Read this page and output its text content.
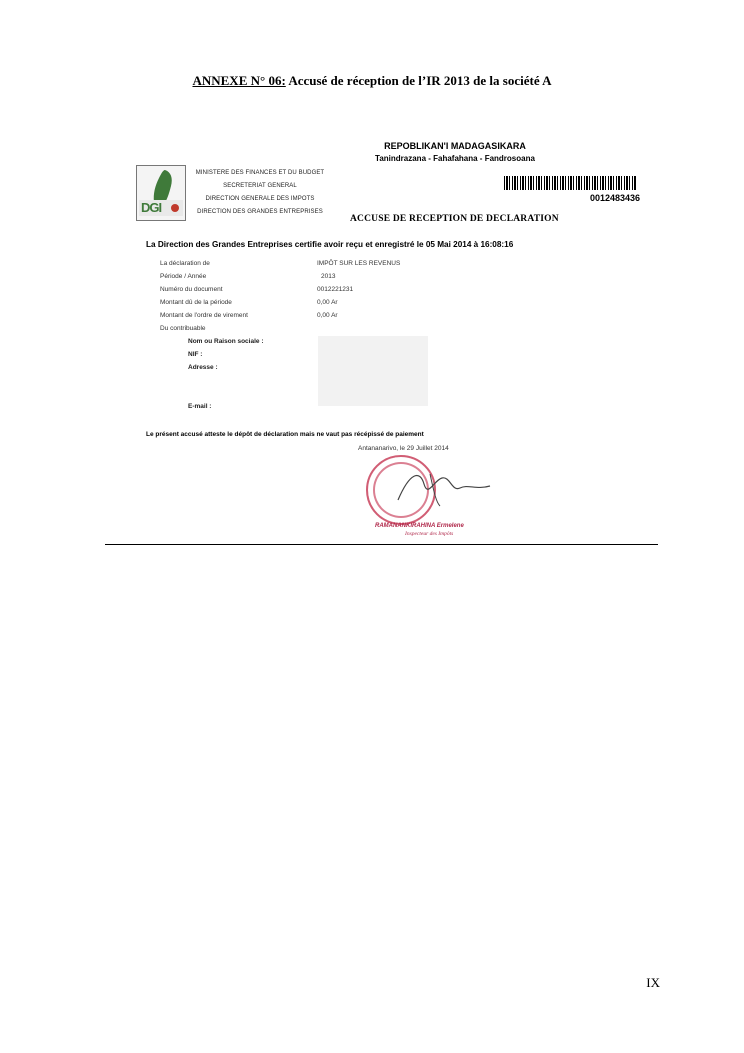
ANNEXE N° 06: Accusé de réception de l’IR 2013 de la société A
REPOBLIKAN'I MADAGASIKARA
Tanindrazana - Fahafahana - Fandrosoana
DGI
MINISTERE DES FINANCES ET DU BUDGET
SECRETERIAT GENERAL
DIRECTION GENERALE DES IMPOTS
DIRECTION DES GRANDES ENTREPRISES
0012483436
ACCUSE DE RECEPTION DE DECLARATION
La Direction des Grandes Entreprises certifie avoir reçu et enregistré le 05 Mai 2014 à 16:08:16
La déclaration de	IMPÔT SUR LES REVENUS
Période / Année	2013
Numéro du document	0012221231
Montant dû de la période	0,00 Ar
Montant de l'ordre de virement	0,00 Ar
Du contribuable
Nom ou Raison sociale :
NIF :
Adresse :
E-mail :
Le présent accusé atteste le dépôt de déclaration mais ne vaut pas récépissé de paiement
Antananarivo, le 29 Juillet 2014
RAMANANKIRAHINA Ermelene
Inspecteur des Impôts
IX
